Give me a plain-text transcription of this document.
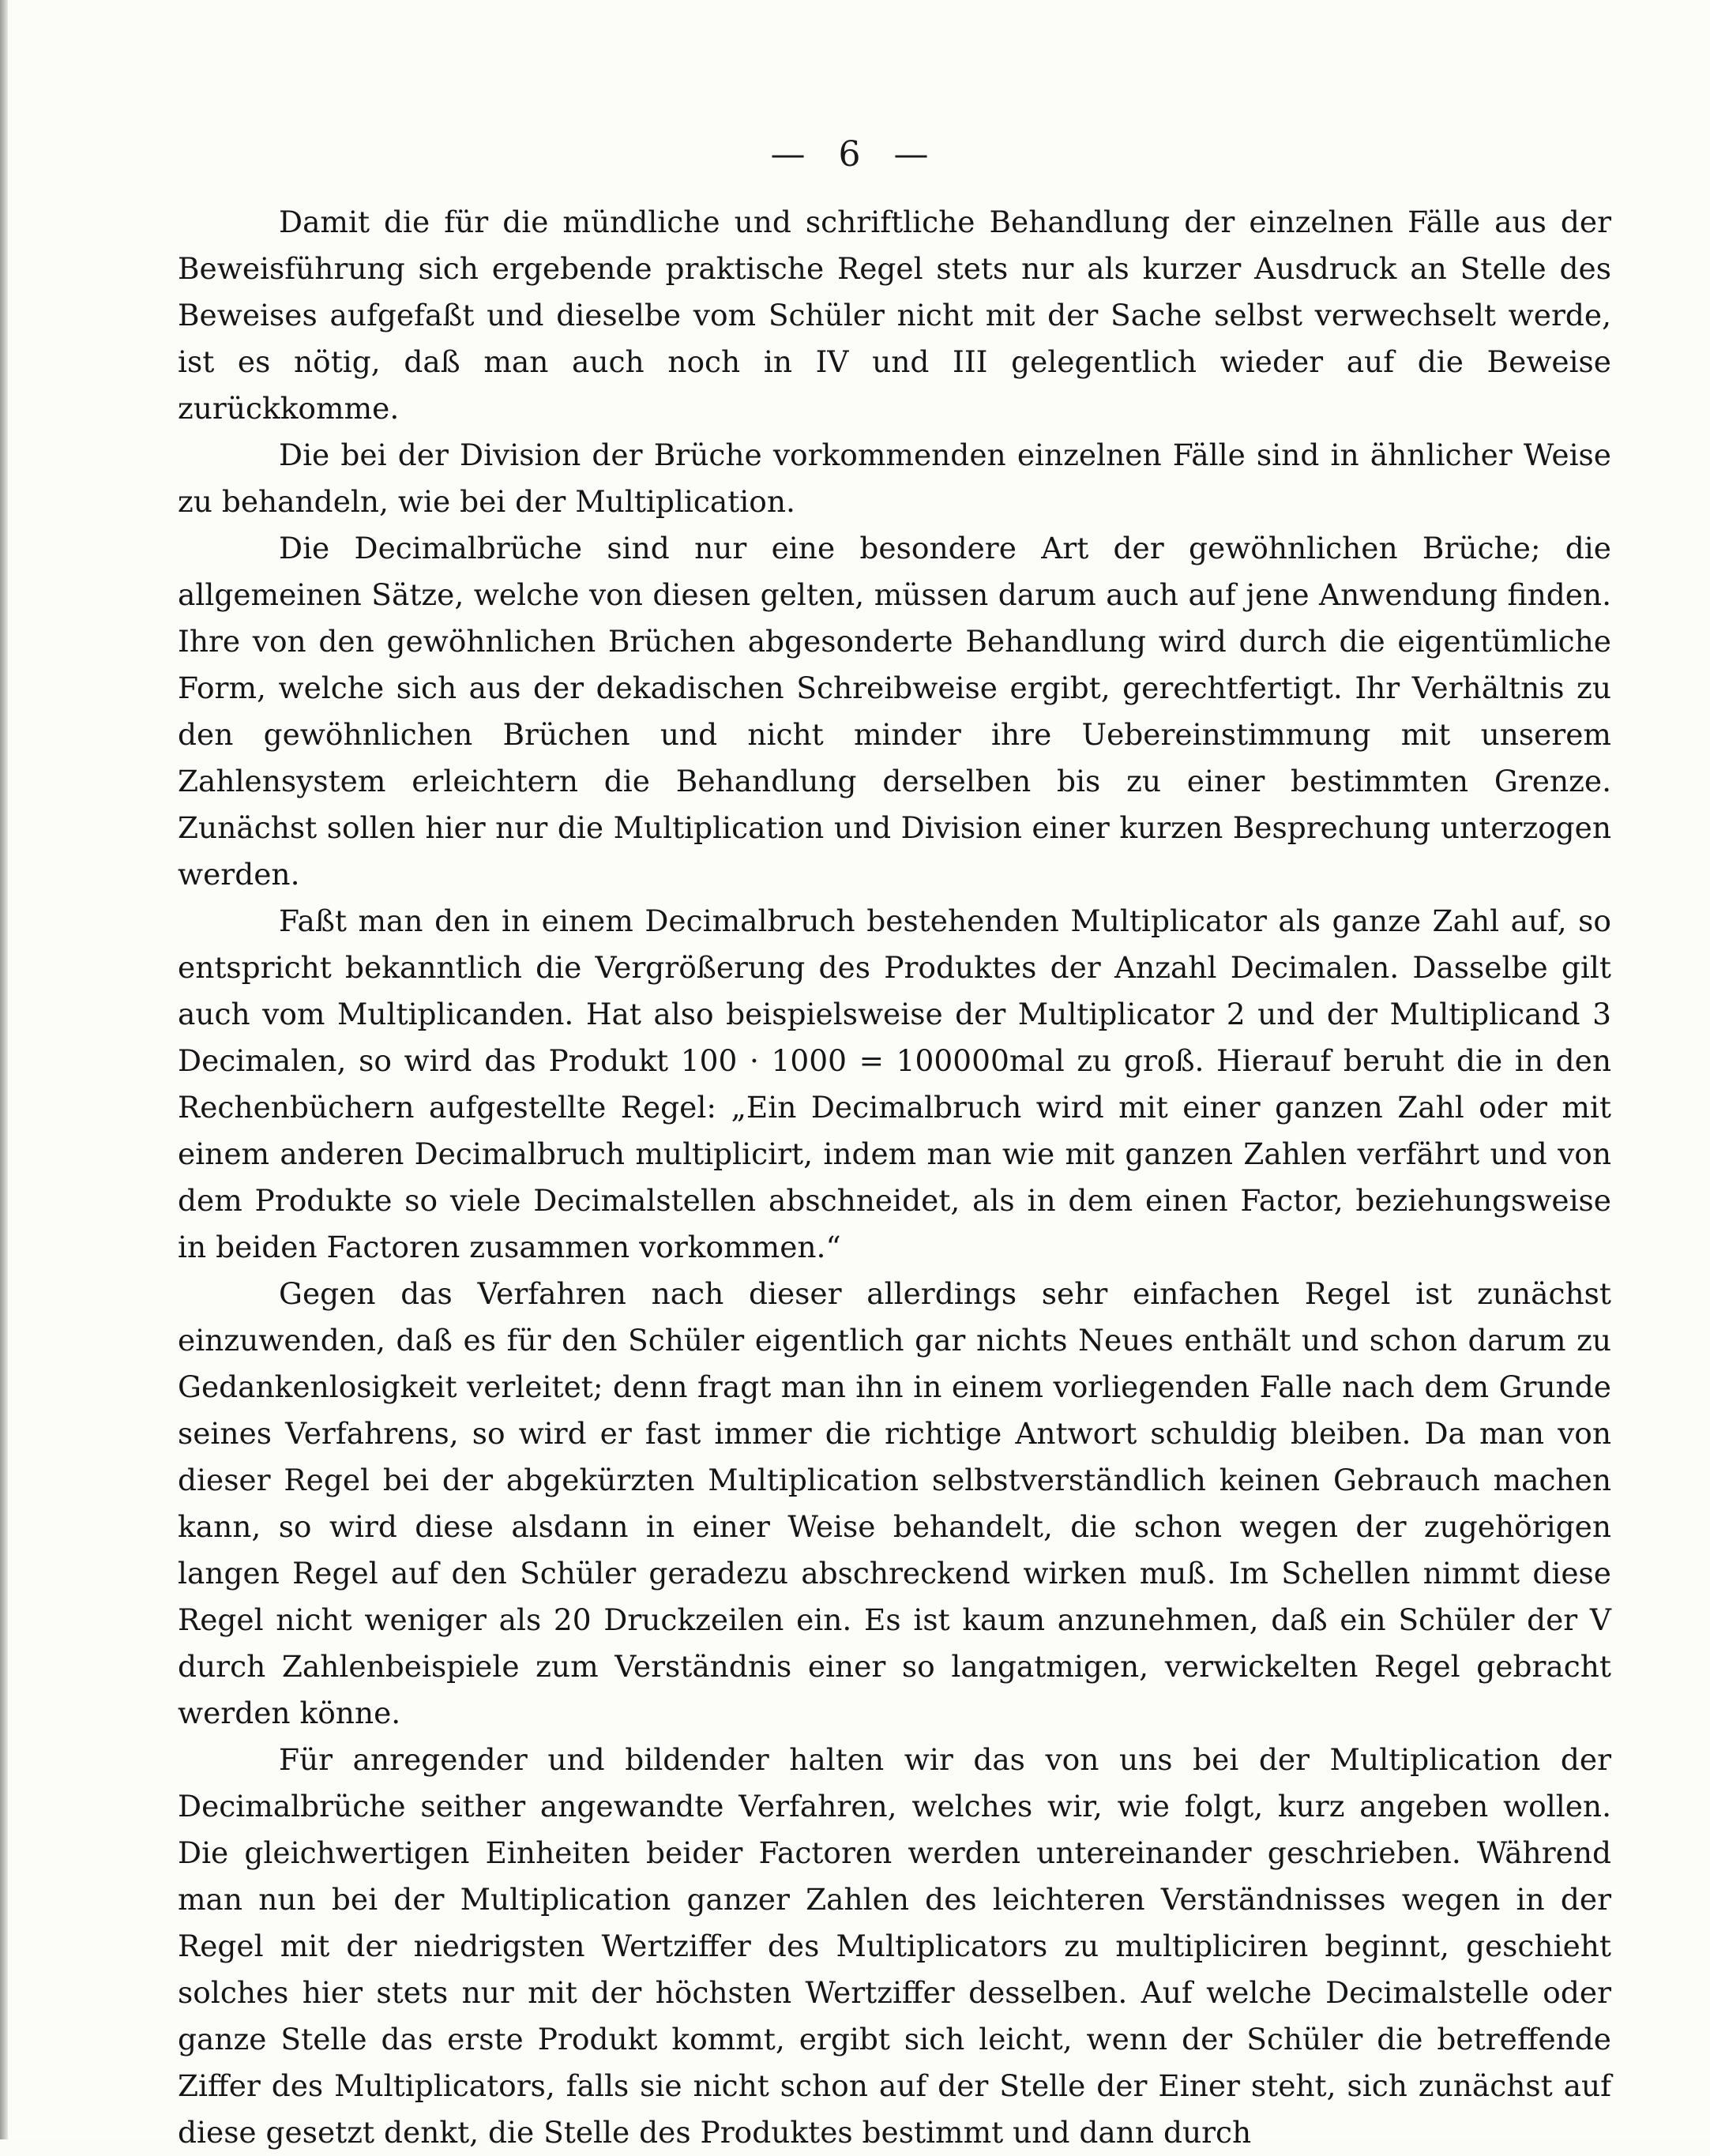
— 6 —

Damit die für die mündliche und schriftliche Behandlung der einzelnen Fälle aus der Beweisführung sich ergebende praktische Regel stets nur als kurzer Ausdruck an Stelle des Beweises aufgefaßt und dieselbe vom Schüler nicht mit der Sache selbst verwechselt werde, ist es nötig, daß man auch noch in IV und III gelegentlich wieder auf die Beweise zurückkomme.

Die bei der Division der Brüche vorkommenden einzelnen Fälle sind in ähnlicher Weise zu behandeln, wie bei der Multiplication.

Die Decimalbrüche sind nur eine besondere Art der gewöhnlichen Brüche; die allgemeinen Sätze, welche von diesen gelten, müssen darum auch auf jene Anwendung finden. Ihre von den gewöhnlichen Brüchen abgesonderte Behandlung wird durch die eigentümliche Form, welche sich aus der dekadischen Schreibweise ergibt, gerechtfertigt. Ihr Verhältnis zu den gewöhnlichen Brüchen und nicht minder ihre Uebereinstimmung mit unserem Zahlensystem erleichtern die Behandlung derselben bis zu einer bestimmten Grenze. Zunächst sollen hier nur die Multiplication und Division einer kurzen Besprechung unterzogen werden.

Faßt man den in einem Decimalbruch bestehenden Multiplicator als ganze Zahl auf, so entspricht bekanntlich die Vergrößerung des Produktes der Anzahl Decimalen. Dasselbe gilt auch vom Multiplicanden. Hat also beispielsweise der Multiplicator 2 und der Multiplicand 3 Decimalen, so wird das Produkt 100 · 1000 = 100000mal zu groß. Hierauf beruht die in den Rechenbüchern aufgestellte Regel: „Ein Decimalbruch wird mit einer ganzen Zahl oder mit einem anderen Decimalbruch multiplicirt, indem man wie mit ganzen Zahlen verfährt und von dem Produkte so viele Decimalstellen abschneidet, als in dem einen Factor, beziehungsweise in beiden Factoren zusammen vorkommen.“

Gegen das Verfahren nach dieser allerdings sehr einfachen Regel ist zunächst einzuwenden, daß es für den Schüler eigentlich gar nichts Neues enthält und schon darum zu Gedankenlosigkeit verleitet; denn fragt man ihn in einem vorliegenden Falle nach dem Grunde seines Verfahrens, so wird er fast immer die richtige Antwort schuldig bleiben. Da man von dieser Regel bei der abgekürzten Multiplication selbstverständlich keinen Gebrauch machen kann, so wird diese alsdann in einer Weise behandelt, die schon wegen der zugehörigen langen Regel auf den Schüler geradezu abschreckend wirken muß. Im Schellen nimmt diese Regel nicht weniger als 20 Druckzeilen ein. Es ist kaum anzunehmen, daß ein Schüler der V durch Zahlenbeispiele zum Verständnis einer so langatmigen, verwickelten Regel gebracht werden könne.

Für anregender und bildender halten wir das von uns bei der Multiplication der Decimalbrüche seither angewandte Verfahren, welches wir, wie folgt, kurz angeben wollen. Die gleichwertigen Einheiten beider Factoren werden untereinander geschrieben. Während man nun bei der Multiplication ganzer Zahlen des leichteren Verständnisses wegen in der Regel mit der niedrigsten Wertziffer des Multiplicators zu multipliciren beginnt, geschieht solches hier stets nur mit der höchsten Wertziffer desselben. Auf welche Decimalstelle oder ganze Stelle das erste Produkt kommt, ergibt sich leicht, wenn der Schüler die betreffende Ziffer des Multiplicators, falls sie nicht schon auf der Stelle der Einer steht, sich zunächst auf diese gesetzt denkt, die Stelle des Produktes bestimmt und dann durch
